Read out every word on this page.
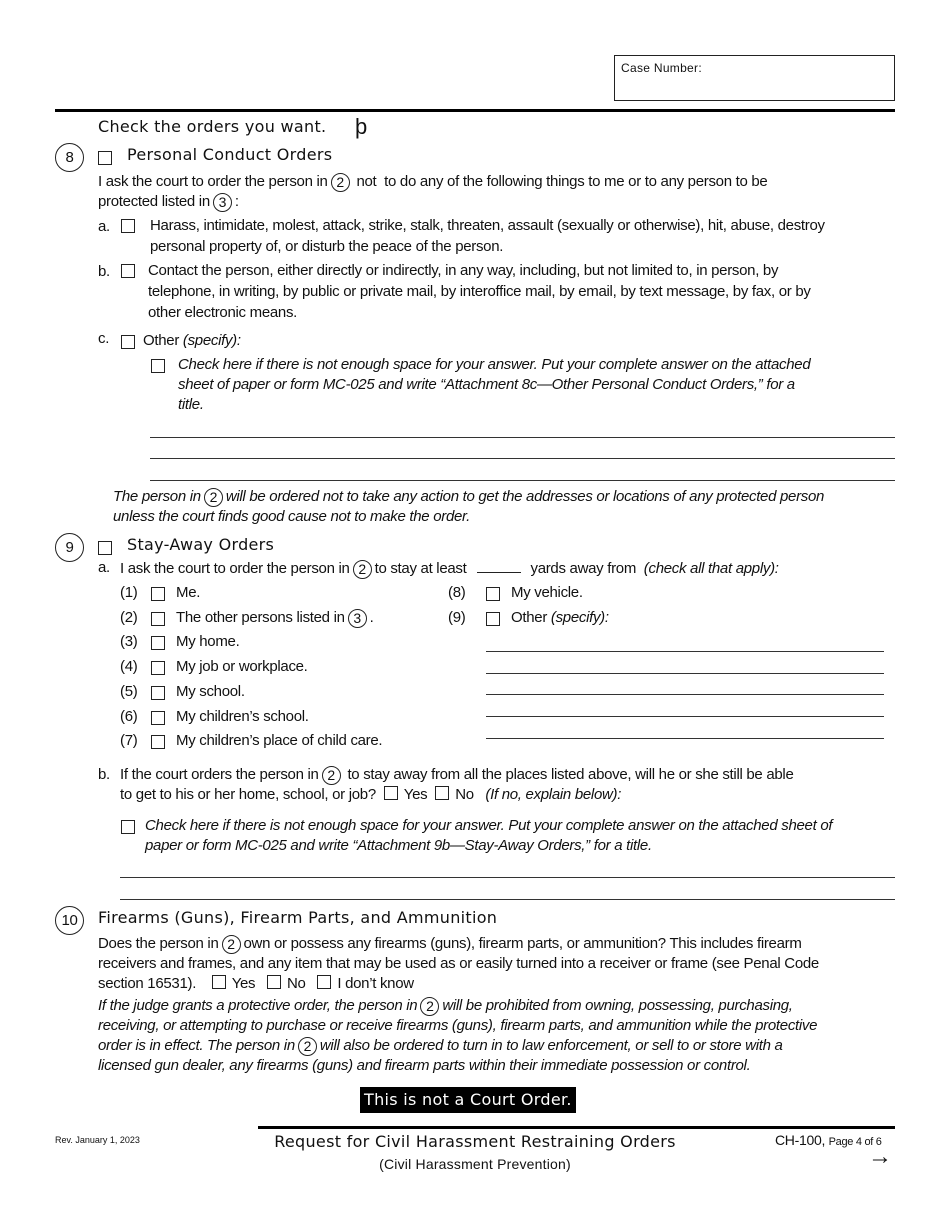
Case Number:
Check the orders you want. þ
8	Personal Conduct Orders
I ask the court to order the person in 2 not to do any of the following things to me or to any person to be
protected listed in 3 :
a.	Harass, intimidate, molest, attack, strike, stalk, threaten, assault (sexually or otherwise), hit, abuse, destroy
personal property of, or disturb the peace of the person.
b.	Contact the person, either directly or indirectly, in any way, including, but not limited to, in person, by
telephone, in writing, by public or private mail, by interoffice mail, by email, by text message, by fax, or by
other electronic means.
c. Other (specify):
Check here if there is not enough space for your answer. Put your complete answer on the attached
sheet of paper or form MC-025 and write “Attachment 8c—Other Personal Conduct Orders,” for a
title.
The person in 2 will be ordered not to take any action to get the addresses or locations of any protected person
unless the court finds good cause not to make the order.
9	Stay-Away Orders
a. I ask the court to order the person in 2 to stay at least	yards away from (check all that apply):
(1)	Me.
(2)	The other persons listed in 3 .
(3)	My home.
(4)	My job or workplace.
(5)	My school.
(6)	My children’s school.
(7)	My children’s place of child care.
(8)	My vehicle.
(9)	Other (specify):
b. If the court orders the person in 2 to stay away from all the places listed above, will he or she still be able
to get to his or her home, school, or job? Yes No (If no, explain below):
Check here if there is not enough space for your answer. Put your complete answer on the attached sheet of
paper or form MC-025 and write “Attachment 9b—Stay-Away Orders,” for a title.
10	Firearms (Guns), Firearm Parts, and Ammunition
Does the person in 2 own or possess any firearms (guns), firearm parts, or ammunition? This includes firearm
receivers and frames, and any item that may be used as or easily turned into a receiver or frame (see Penal Code
section 16531). Yes No I don’t know
If the judge grants a protective order, the person in 2 will be prohibited from owning, possessing, purchasing,
receiving, or attempting to purchase or receive firearms (guns), firearm parts, and ammunition while the protective
order is in effect. The person in 2 will also be ordered to turn in to law enforcement, or sell to or store with a
licensed gun dealer, any firearms (guns) and firearm parts within their immediate possession or control.
This is not a Court Order.
Rev. January 1, 2023	Request for Civil Harassment Restraining Orders
(Civil Harassment Prevention)
CH-100, Page 4 of 6
→
